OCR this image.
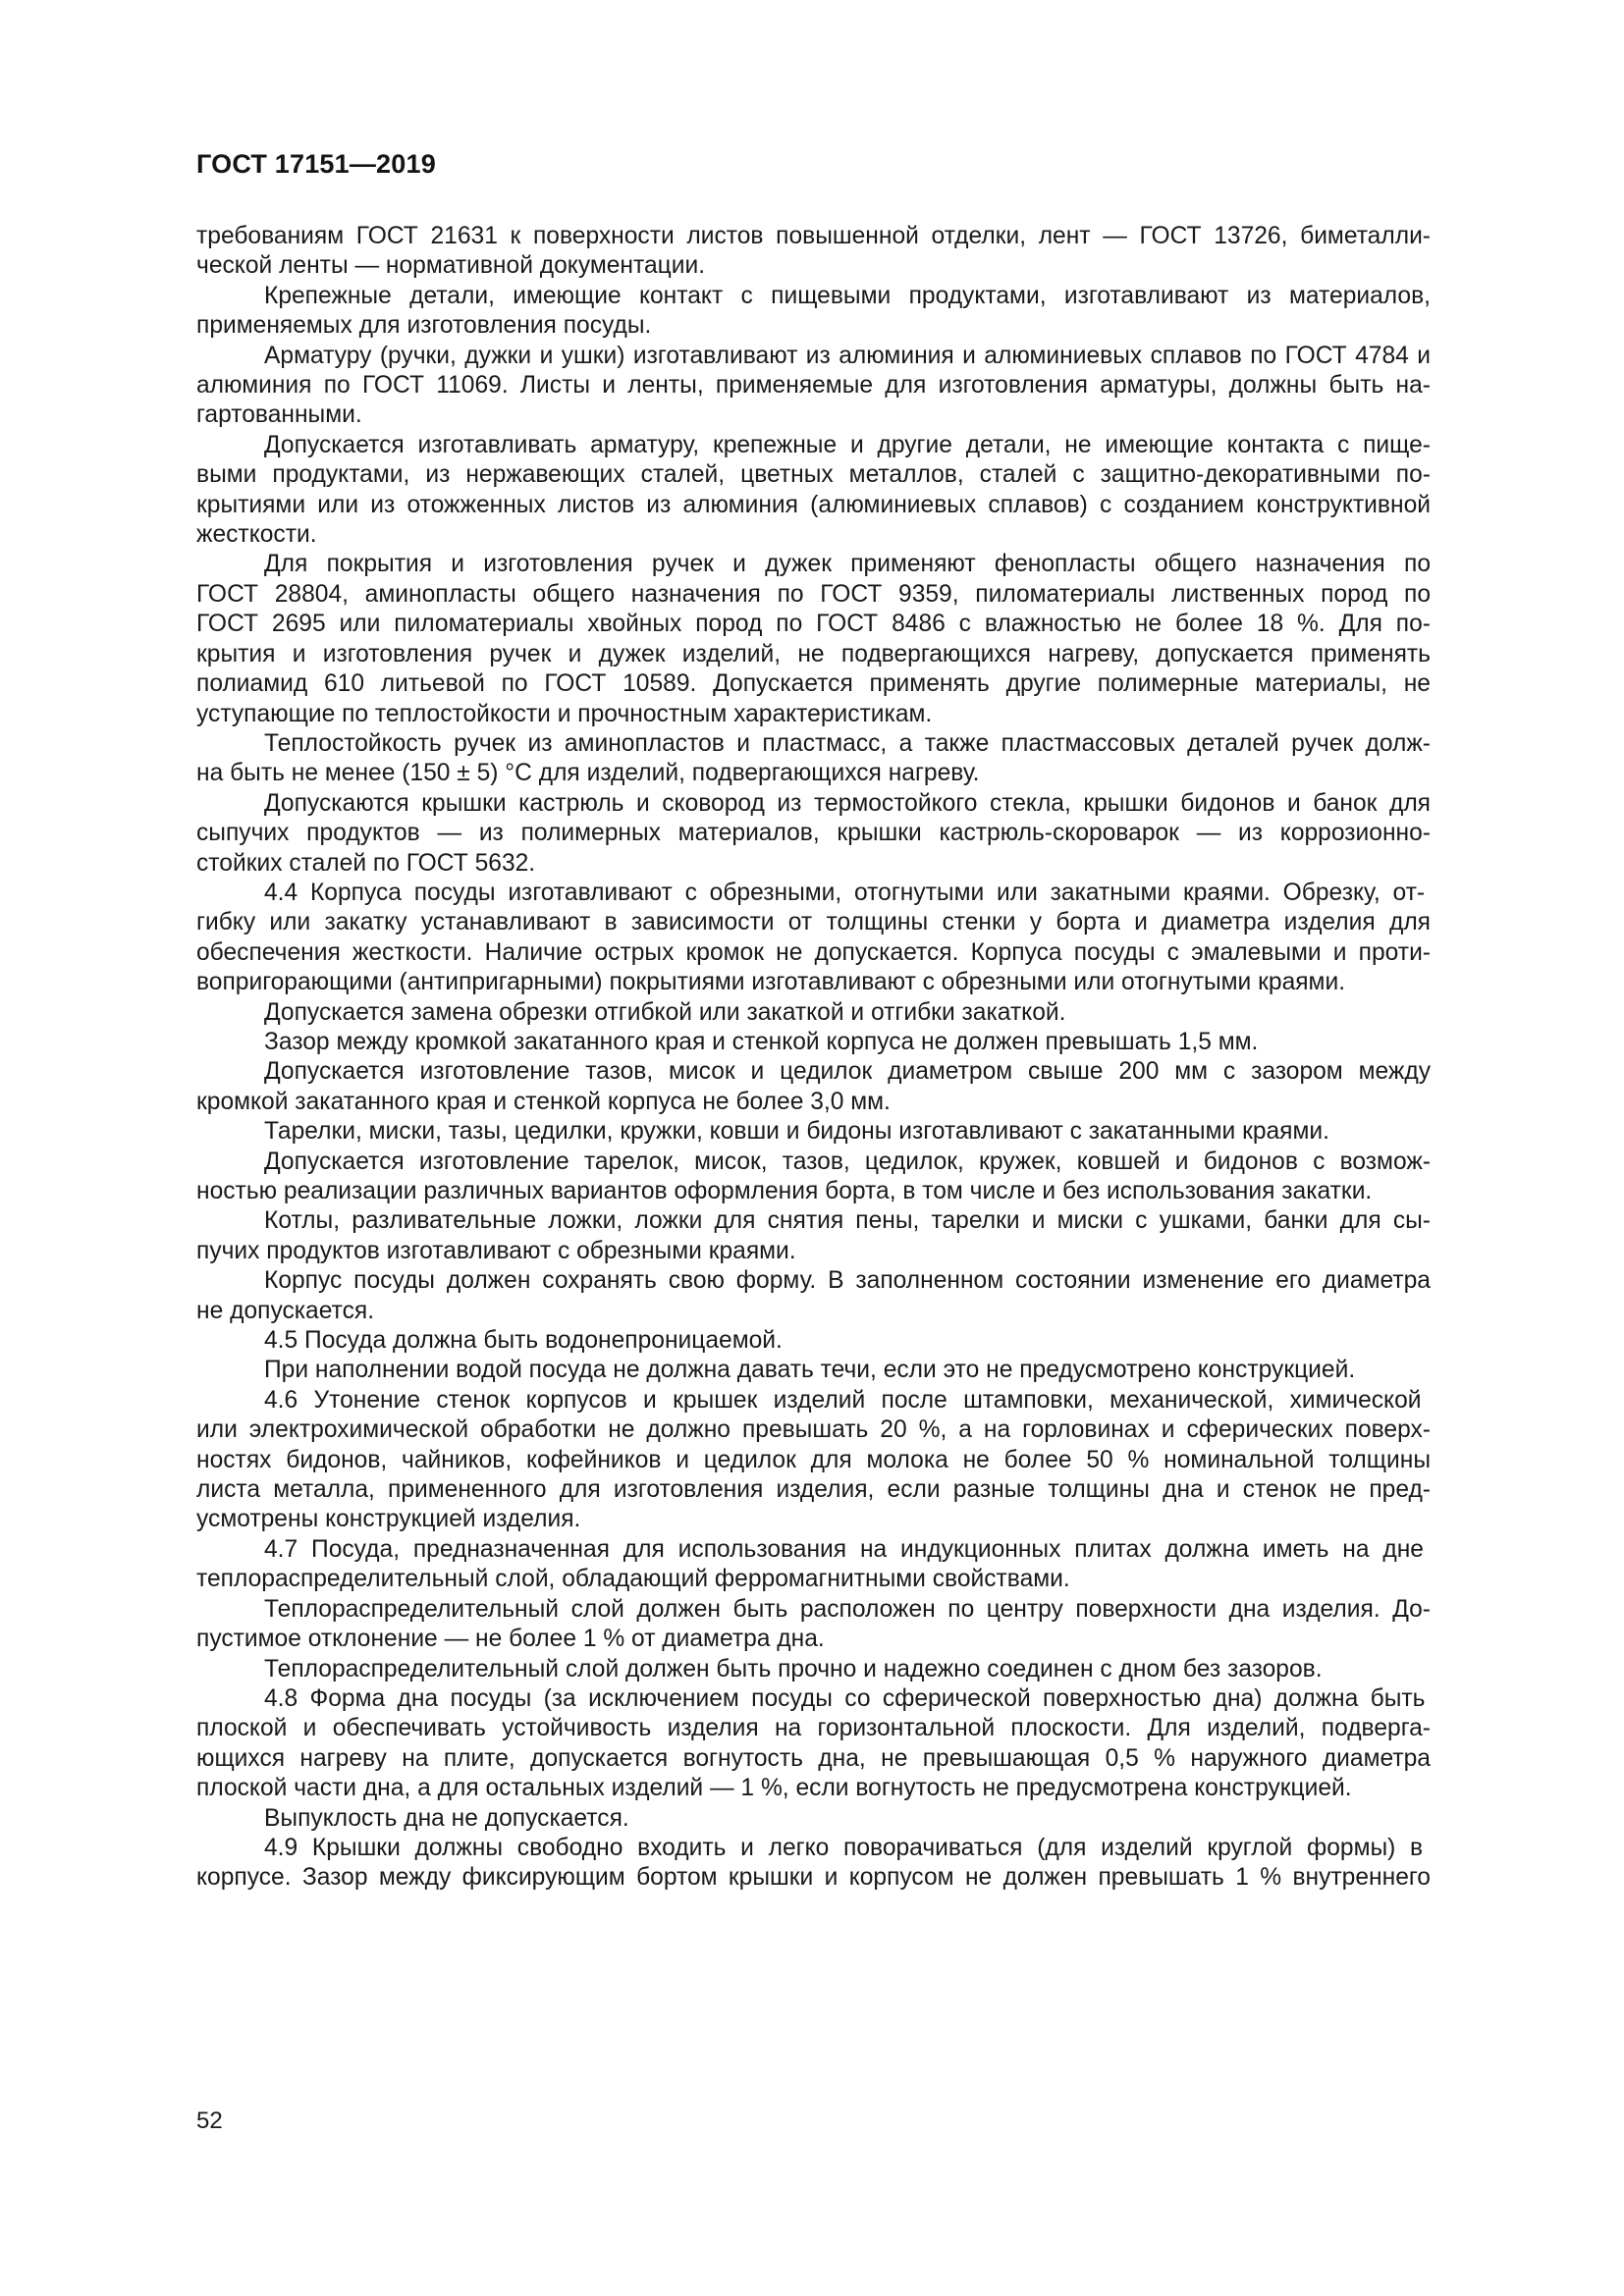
ГОСТ 17151—2019
требованиям ГОСТ 21631 к поверхности листов повышенной отделки, лент — ГОСТ 13726, биметалли-
ческой ленты — нормативной документации.
Крепежные детали, имеющие контакт с пищевыми продуктами, изготавливают из материалов,
применяемых для изготовления посуды.
Арматуру (ручки, дужки и ушки) изготавливают из алюминия и алюминиевых сплавов по ГОСТ 4784 и
алюминия по ГОСТ 11069. Листы и ленты, применяемые для изготовления арматуры, должны быть на-
гартованными.
Допускается изготавливать арматуру, крепежные и другие детали, не имеющие контакта с пище-
выми продуктами, из нержавеющих сталей, цветных металлов, сталей с защитно-декоративными по-
крытиями или из отожженных листов из алюминия (алюминиевых сплавов) с созданием конструктивной
жесткости.
Для покрытия и изготовления ручек и дужек применяют фенопласты общего назначения по
ГОСТ 28804, аминопласты общего назначения по ГОСТ 9359, пиломатериалы лиственных пород по
ГОСТ 2695 или пиломатериалы хвойных пород по ГОСТ 8486 с влажностью не более 18 %. Для по-
крытия и изготовления ручек и дужек изделий, не подвергающихся нагреву, допускается применять
полиамид 610 литьевой по ГОСТ 10589. Допускается применять другие полимерные материалы, не
уступающие по теплостойкости и прочностным характеристикам.
Теплостойкость ручек из аминопластов и пластмасс, а также пластмассовых деталей ручек долж-
на быть не менее (150 ± 5) °C для изделий, подвергающихся нагреву.
Допускаются крышки кастрюль и сковород из термостойкого стекла, крышки бидонов и банок для
сыпучих продуктов — из полимерных материалов, крышки кастрюль-скороварок — из коррозионно-
стойких сталей по ГОСТ 5632.
4.4 Корпуса посуды изготавливают с обрезными, отогнутыми или закатными краями. Обрезку, от-
гибку или закатку устанавливают в зависимости от толщины стенки у борта и диаметра изделия для
обеспечения жесткости. Наличие острых кромок не допускается. Корпуса посуды с эмалевыми и проти-
вопригорающими (антипригарными) покрытиями изготавливают с обрезными или отогнутыми краями.
Допускается замена обрезки отгибкой или закаткой и отгибки закаткой.
Зазор между кромкой закатанного края и стенкой корпуса не должен превышать 1,5 мм.
Допускается изготовление тазов, мисок и цедилок диаметром свыше 200 мм с зазором между
кромкой закатанного края и стенкой корпуса не более 3,0 мм.
Тарелки, миски, тазы, цедилки, кружки, ковши и бидоны изготавливают с закатанными краями.
Допускается изготовление тарелок, мисок, тазов, цедилок, кружек, ковшей и бидонов с возмож-
ностью реализации различных вариантов оформления борта, в том числе и без использования закатки.
Котлы, разливательные ложки, ложки для снятия пены, тарелки и миски с ушками, банки для сы-
пучих продуктов изготавливают с обрезными краями.
Корпус посуды должен сохранять свою форму. В заполненном состоянии изменение его диаметра
не допускается.
4.5 Посуда должна быть водонепроницаемой.
При наполнении водой посуда не должна давать течи, если это не предусмотрено конструкцией.
4.6 Утонение стенок корпусов и крышек изделий после штамповки, механической, химической
или электрохимической обработки не должно превышать 20 %, а на горловинах и сферических поверх-
ностях бидонов, чайников, кофейников и цедилок для молока не более 50 % номинальной толщины
листа металла, примененного для изготовления изделия, если разные толщины дна и стенок не пред-
усмотрены конструкцией изделия.
4.7 Посуда, предназначенная для использования на индукционных плитах должна иметь на дне
теплораспределительный слой, обладающий ферромагнитными свойствами.
Теплораспределительный слой должен быть расположен по центру поверхности дна изделия. До-
пустимое отклонение — не более 1 % от диаметра дна.
Теплораспределительный слой должен быть прочно и надежно соединен с дном без зазоров.
4.8 Форма дна посуды (за исключением посуды со сферической поверхностью дна) должна быть
плоской и обеспечивать устойчивость изделия на горизонтальной плоскости. Для изделий, подверга-
ющихся нагреву на плите, допускается вогнутость дна, не превышающая 0,5 % наружного диаметра
плоской части дна, а для остальных изделий — 1 %, если вогнутость не предусмотрена конструкцией.
Выпуклость дна не допускается.
4.9 Крышки должны свободно входить и легко поворачиваться (для изделий круглой формы) в
корпусе. Зазор между фиксирующим бортом крышки и корпусом не должен превышать 1 % внутреннего
52
